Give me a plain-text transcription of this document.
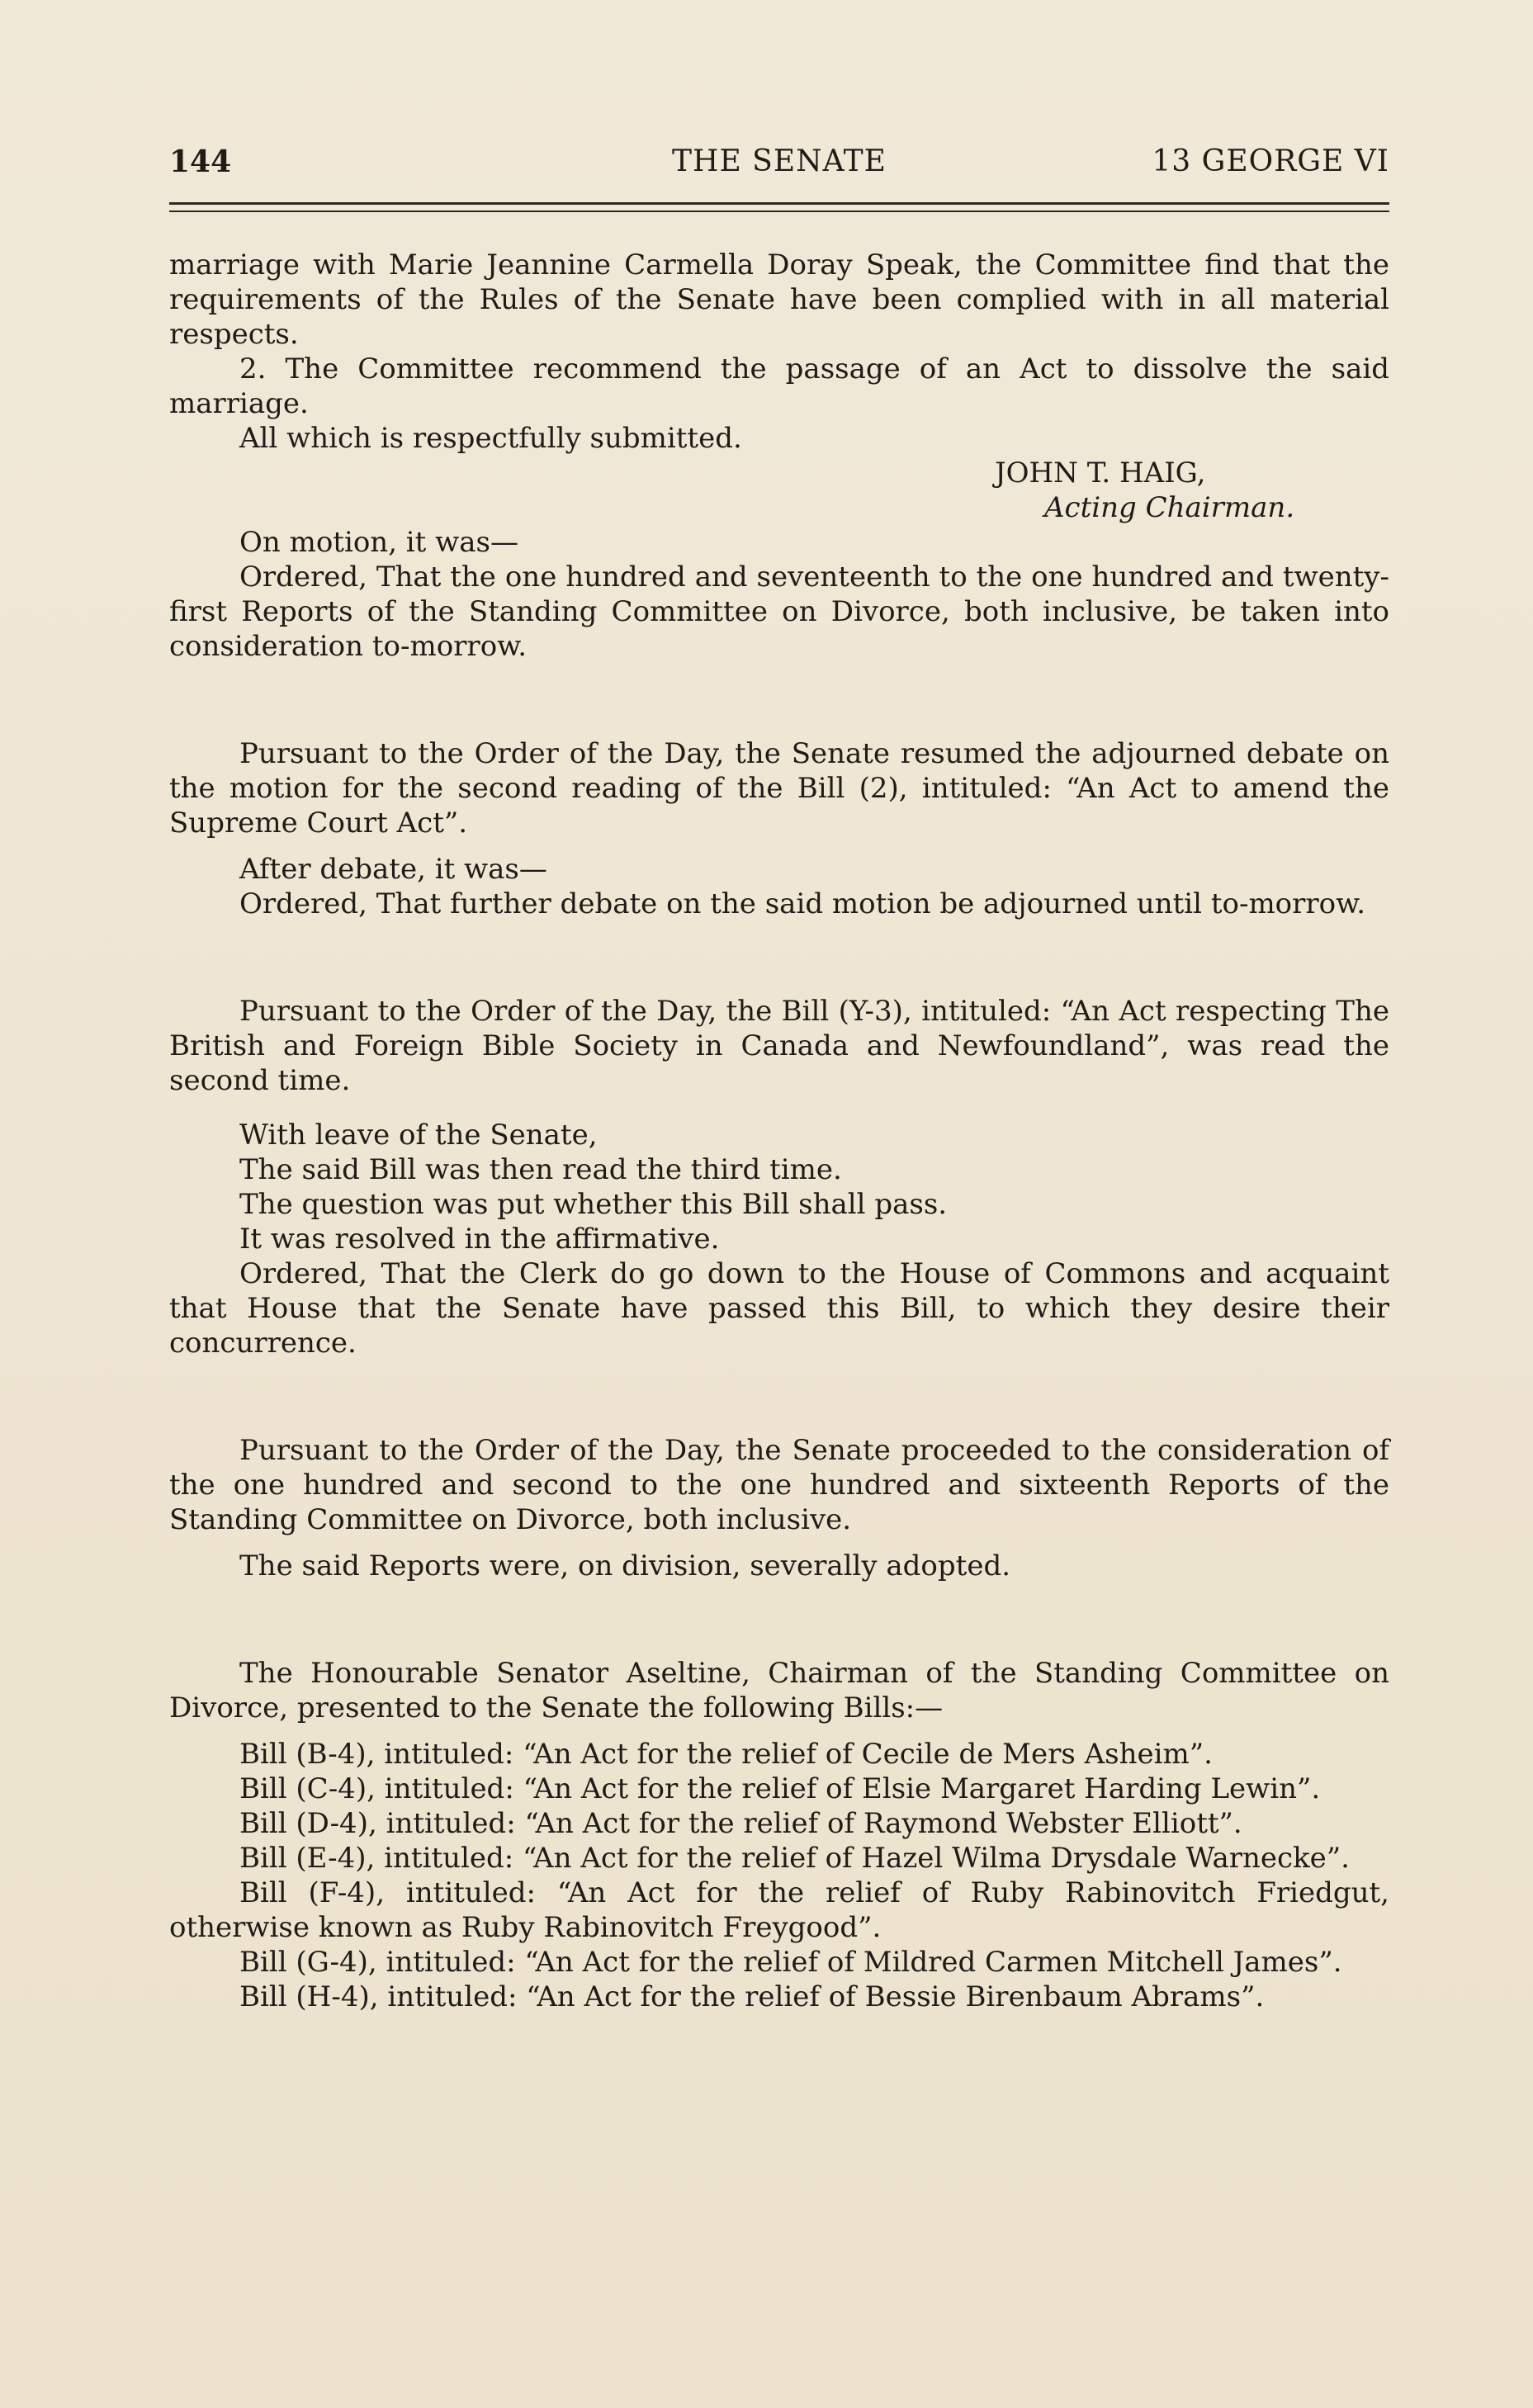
THE SENATE
144	13 GEORGE VI

marriage with Marie Jeannine Carmella Doray Speak, the Committee find that the requirements of the Rules of the Senate have been complied with in all material respects.

2. The Committee recommend the passage of an Act to dissolve the said marriage.

All which is respectfully submitted.

JOHN T. HAIG,

Acting Chairman.

On motion, it was—

Ordered, That the one hundred and seventeenth to the one hundred and twenty-first Reports of the Standing Committee on Divorce, both inclusive, be taken into consideration to-morrow.

Pursuant to the Order of the Day, the Senate resumed the adjourned debate on the motion for the second reading of the Bill (2), intituled: “An Act to amend the Supreme Court Act”.

After debate, it was—

Ordered, That further debate on the said motion be adjourned until to-morrow.

Pursuant to the Order of the Day, the Bill (Y-3), intituled: “An Act respecting The British and Foreign Bible Society in Canada and Newfoundland”, was read the second time.

With leave of the Senate,

The said Bill was then read the third time.

The question was put whether this Bill shall pass.

It was resolved in the affirmative.

Ordered, That the Clerk do go down to the House of Commons and acquaint that House that the Senate have passed this Bill, to which they desire their concurrence.

Pursuant to the Order of the Day, the Senate proceeded to the consideration of the one hundred and second to the one hundred and sixteenth Reports of the Standing Committee on Divorce, both inclusive.

The said Reports were, on division, severally adopted.

The Honourable Senator Aseltine, Chairman of the Standing Committee on Divorce, presented to the Senate the following Bills:—

Bill (B-4), intituled: “An Act for the relief of Cecile de Mers Asheim”.

Bill (C-4), intituled: “An Act for the relief of Elsie Margaret Harding Lewin”.

Bill (D-4), intituled: “An Act for the relief of Raymond Webster Elliott”.

Bill (E-4), intituled: “An Act for the relief of Hazel Wilma Drysdale Warnecke”.

Bill (F-4), intituled: “An Act for the relief of Ruby Rabinovitch Friedgut, otherwise known as Ruby Rabinovitch Freygood”.

Bill (G-4), intituled: “An Act for the relief of Mildred Carmen Mitchell James”.

Bill (H-4), intituled: “An Act for the relief of Bessie Birenbaum Abrams”.
